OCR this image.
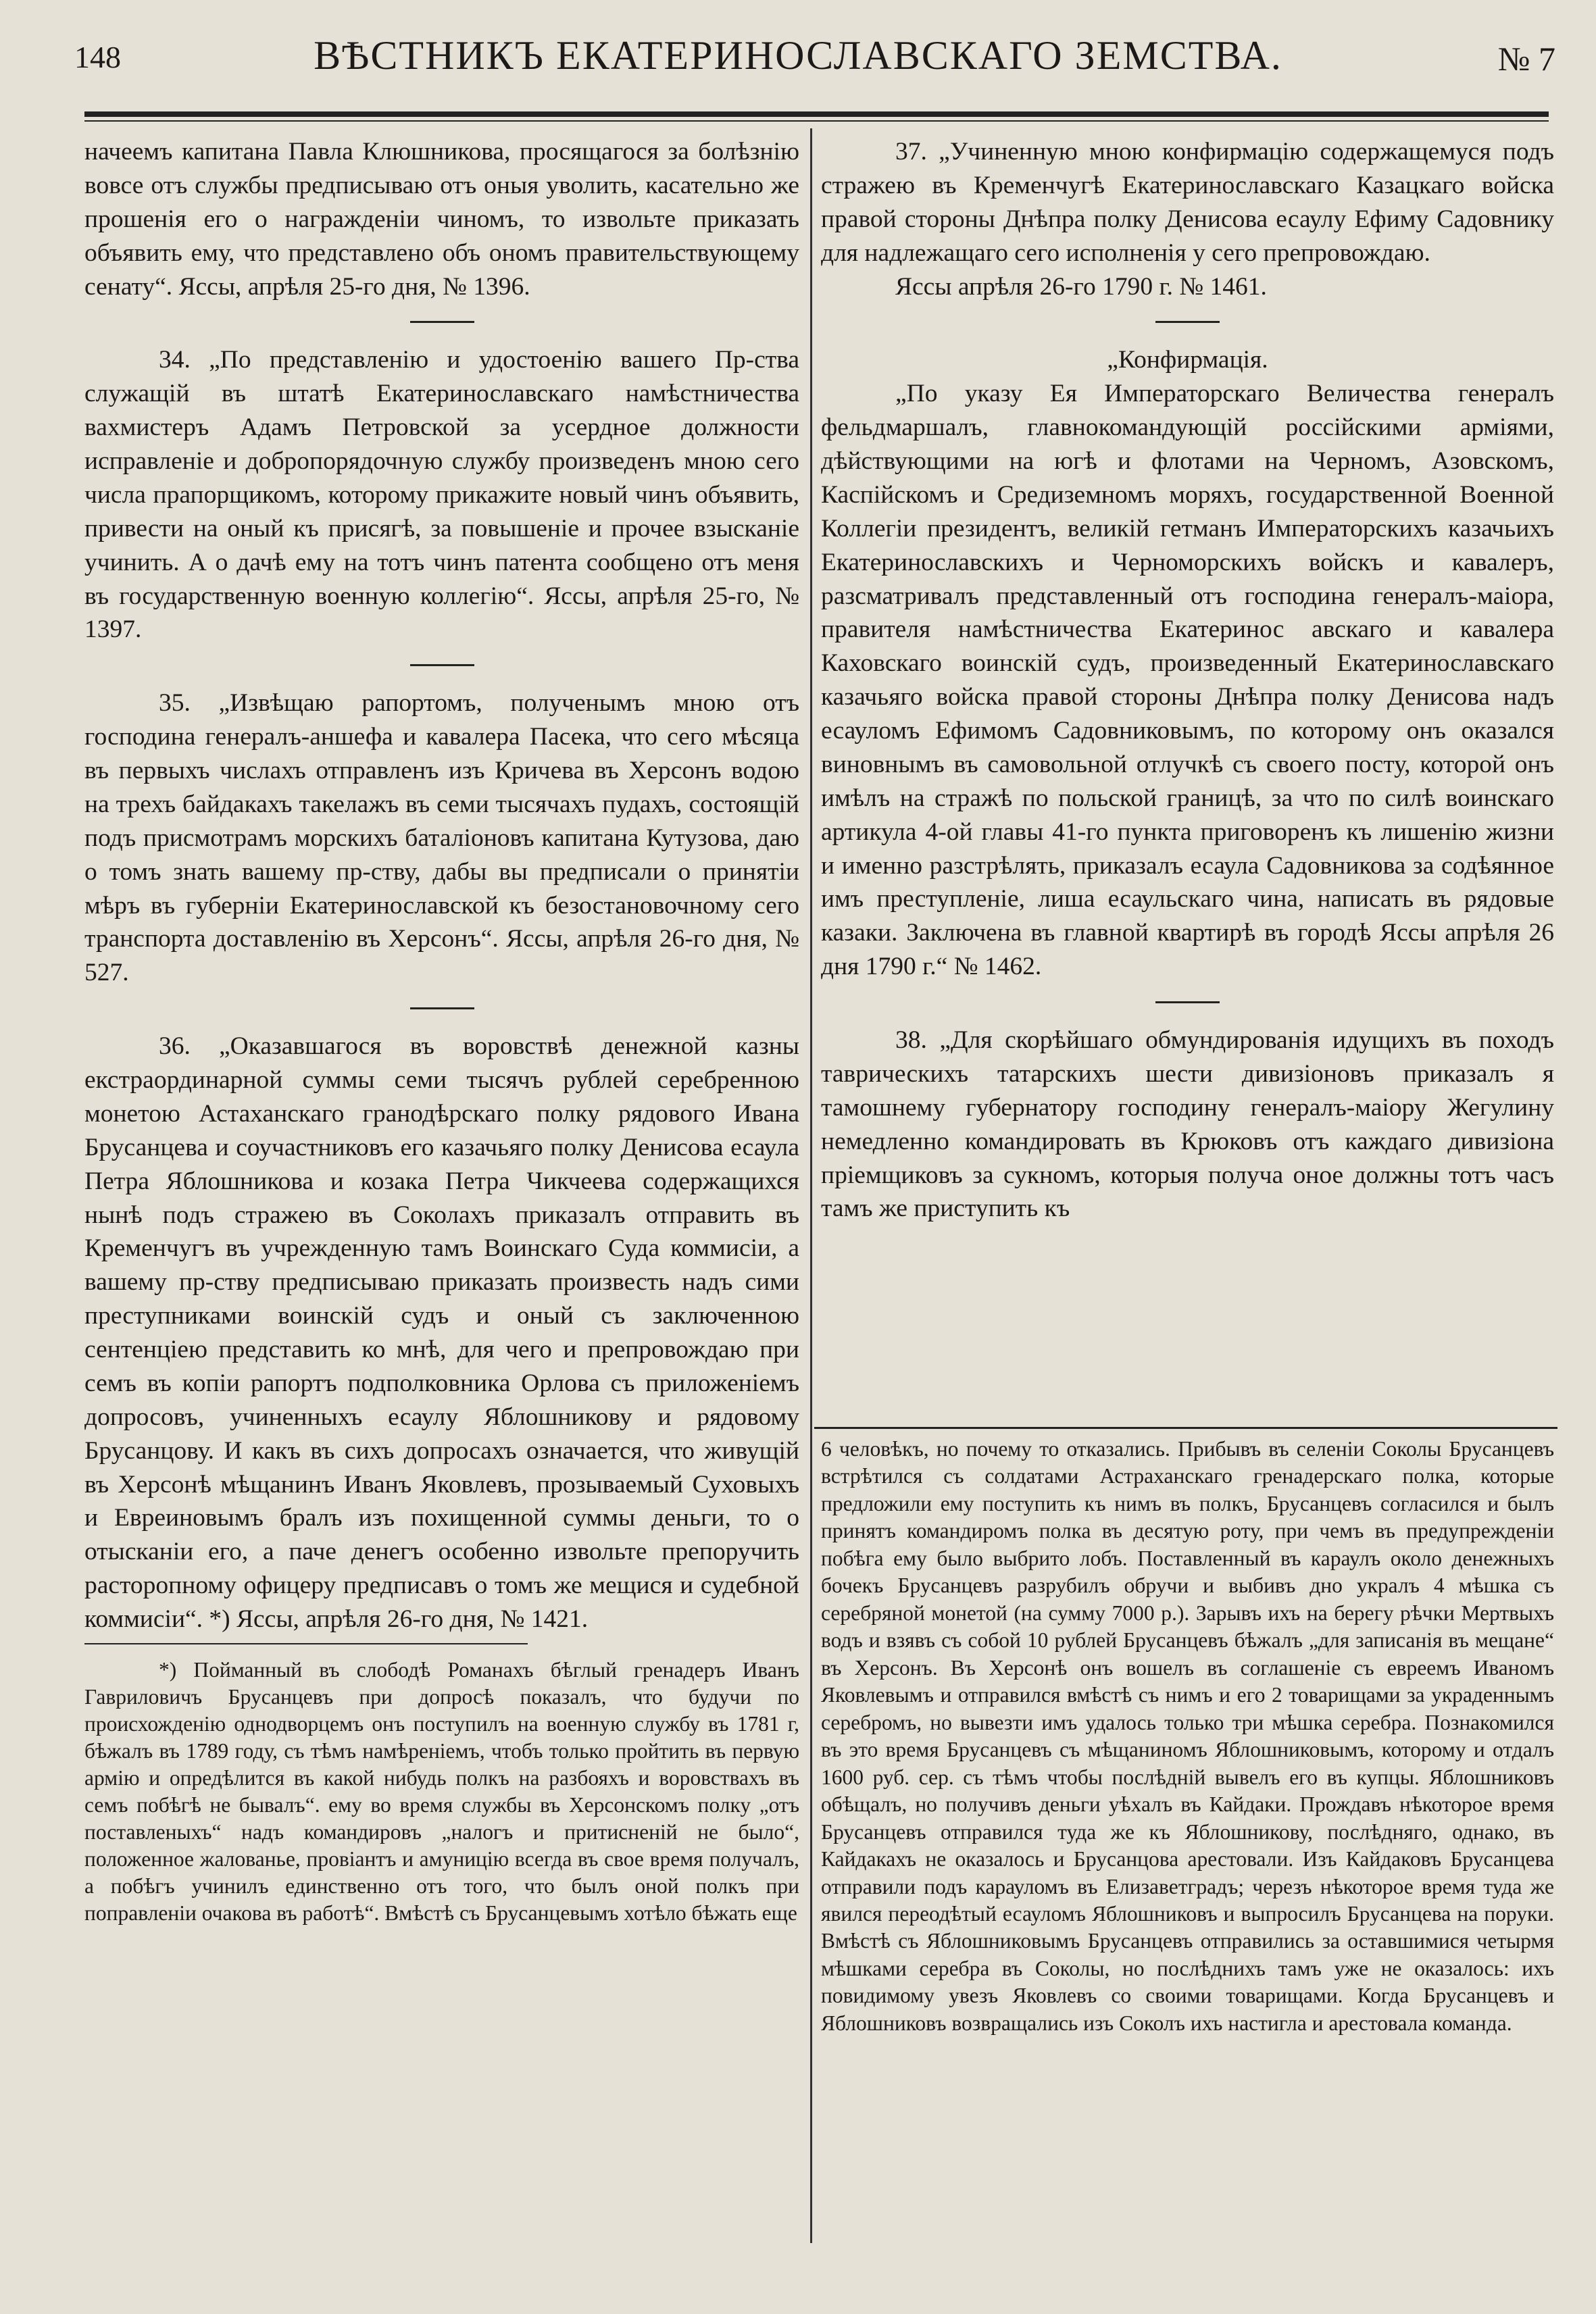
148	ВѢСТНИКЪ ЕКАТЕРИНОСЛАВСКАГО ЗЕМСТВА.	№ 7

начеемъ капитана Павла Клюшникова, просящагося за болѣзнію вовсе отъ службы предписываю отъ оныя уволить, касательно же прошенія его о награжденіи чиномъ, то извольте приказать объявить ему, что представлено объ ономъ правительствующему сенату“. Яссы, апрѣля 25-го дня, № 1396.

34. „По представленію и удостоенію вашего Пр-ства служащій въ штатѣ Екатеринославскаго намѣстничества вахмистеръ Адамъ Петровской за усердное должности исправленіе и добропорядочную службу произведенъ мною сего числа прапорщикомъ, которому прикажите новый чинъ объявить, привести на оный къ присягѣ, за повышеніе и прочее взысканіе учинить. А о дачѣ ему на тотъ чинъ патента сообщено отъ меня въ государственную военную коллегію“. Яссы, апрѣля 25-го, № 1397.

35. „Извѣщаю рапортомъ, полученымъ мною отъ господина генералъ-аншефа и кавалера Пасека, что сего мѣсяца въ первыхъ числахъ отправленъ изъ Кричева въ Херсонъ водою на трехъ байдакахъ такелажъ въ семи тысячахъ пудахъ, состоящій подъ присмотрамъ морскихъ баталіоновъ капитана Кутузова, даю о томъ знать вашему пр-ству, дабы вы предписали о принятіи мѣръ въ губерніи Екатеринославской къ безостановочному сего транспорта доставленію въ Херсонъ“. Яссы, апрѣля 26-го дня, № 527.

36. „Оказавшагося въ воровствѣ денежной казны екстраординарной суммы семи тысячъ рублей серебренною монетою Астаханскаго гранодѣрскаго полку рядового Ивана Брусанцева и соучастниковъ его казачьяго полку Денисова есаула Петра Яблошникова и козака Петра Чикчеева содержащихся нынѣ подъ стражею въ Соколахъ приказалъ отправить въ Кременчугъ въ учрежденную тамъ Воинскаго Суда коммисіи, а вашему пр-ству предписываю приказать произвесть надъ сими преступниками воинскій судъ и оный съ заключенною сентенціею представить ко мнѣ, для чего и препровождаю при семъ въ копіи рапортъ подполковника Орлова съ приложеніемъ допросовъ, учиненныхъ есаулу Яблошникову и рядовому Брусанцову. И какъ въ сихъ допросахъ означается, что живущій въ Херсонѣ мѣщанинъ Иванъ Яковлевъ, прозываемый Суховыхъ и Евреиновымъ бралъ изъ похищенной суммы деньги, то о отысканіи его, а паче денегъ особенно извольте препоручить расторопному офицеру предписавъ о томъ же мещися и судебной коммисіи“. *) Яссы, апрѣля 26-го дня, № 1421.

*) Пойманный въ слободѣ Романахъ бѣглый гренадеръ Иванъ Гавриловичъ Брусанцевъ при допросѣ показалъ, что будучи по происхожденію однодворцемъ онъ поступилъ на военную службу въ 1781 г, бѣжалъ въ 1789 году, съ тѣмъ намѣреніемъ, чтобъ только пройтить въ первую армію и опредѣлится въ какой нибудь полкъ на разбояхъ и воровствахъ въ семъ побѣгѣ не бывалъ“. ему во время службы въ Херсонскомъ полку „отъ поставленыхъ“ надъ командировъ „налогъ и притисненій не было“, положенное жалованье, провіантъ и амуницію всегда въ свое время получалъ, а побѣгъ учинилъ единственно отъ того, что былъ оной полкъ при поправленіи очакова въ работѣ“. Вмѣстѣ съ Брусанцевымъ хотѣло бѣжать еще

37. „Учиненную мною конфирмацію содержащемуся подъ стражею въ Кременчугѣ Екатеринославскаго Казацкаго войска правой стороны Днѣпра полку Денисова есаулу Ефиму Садовнику для надлежащаго сего исполненія у сего препровождаю.

Яссы апрѣля 26-го 1790 г. № 1461.

„Конфирмація.

„По указу Ея Императорскаго Величества генералъ фельдмаршалъ, главнокомандующій россійскими арміями, дѣйствующими на югѣ и флотами на Черномъ, Азовскомъ, Каспійскомъ и Средиземномъ моряхъ, государственной Военной Коллегіи президентъ, великій гетманъ Императорскихъ казачьихъ Екатеринославскихъ и Черноморскихъ войскъ и кавалеръ, разсматривалъ представленный отъ господина генералъ-маіора, правителя намѣстничества Екатеринос авскаго и кавалера Каховскаго воинскій судъ, произведенный Екатеринославскаго казачьяго войска правой стороны Днѣпра полку Денисова надъ есауломъ Ефимомъ Садовниковымъ, по которому онъ оказался виновнымъ въ самовольной отлучкѣ съ своего посту, которой онъ имѣлъ на стражѣ по польской границѣ, за что по силѣ воинскаго артикула 4-ой главы 41-го пункта приговоренъ къ лишенію жизни и именно разстрѣлять, приказалъ есаула Садовникова за содѣянное имъ преступленіе, лиша есаульскаго чина, написать въ рядовые казаки. Заключена въ главной квартирѣ въ городѣ Яссы апрѣля 26 дня 1790 г.“ № 1462.

38. „Для скорѣйшаго обмундированія идущихъ въ походъ таврическихъ татарскихъ шести дивизіоновъ приказалъ я тамошнему губернатору господину генералъ-маіору Жегулину немедленно командировать въ Крюковъ отъ каждаго дивизіона пріемщиковъ за сукномъ, которыя получа оное должны тотъ часъ тамъ же приступить къ

6 человѣкъ, но почему то отказались. Прибывъ въ селеніи Соколы Брусанцевъ встрѣтился съ солдатами Астраханскаго гренадерскаго полка, которые предложили ему поступить къ нимъ въ полкъ, Брусанцевъ согласился и былъ принятъ командиромъ полка въ десятую роту, при чемъ въ предупрежденіи побѣга ему было выбрито лобъ. Поставленный въ караулъ около денежныхъ бочекъ Брусанцевъ разрубилъ обручи и выбивъ дно укралъ 4 мѣшка съ серебряной монетой (на сумму 7000 р.). Зарывъ ихъ на берегу рѣчки Мертвыхъ водъ и взявъ съ собой 10 рублей Брусанцевъ бѣжалъ „для записанія въ мещане“ въ Херсонъ. Въ Херсонѣ онъ вошелъ въ соглашеніе съ евреемъ Иваномъ Яковлевымъ и отправился вмѣстѣ съ нимъ и его 2 товарищами за украденнымъ серебромъ, но вывезти имъ удалось только три мѣшка серебра. Познакомился въ это время Брусанцевъ съ мѣщаниномъ Яблошниковымъ, которому и отдалъ 1600 руб. сер. съ тѣмъ чтобы послѣдній вывелъ его въ купцы. Яблошниковъ обѣщалъ, но получивъ деньги уѣхалъ въ Кайдаки. Прождавъ нѣкоторое время Брусанцевъ отправился туда же къ Яблошникову, послѣдняго, однако, въ Кайдакахъ не оказалось и Брусанцова арестовали. Изъ Кайдаковъ Брусанцева отправили подъ карауломъ въ Елизаветградъ; черезъ нѣкоторое время туда же явился переодѣтый есауломъ Яблошниковъ и выпросилъ Брусанцева на поруки. Вмѣстѣ съ Яблошниковымъ Брусанцевъ отправились за оставшимися четырмя мѣшками серебра въ Соколы, но послѣднихъ тамъ уже не оказалось: ихъ повидимому увезъ Яковлевъ со своими товарищами. Когда Брусанцевъ и Яблошниковъ возвращались изъ Соколъ ихъ настигла и арестовала команда.
